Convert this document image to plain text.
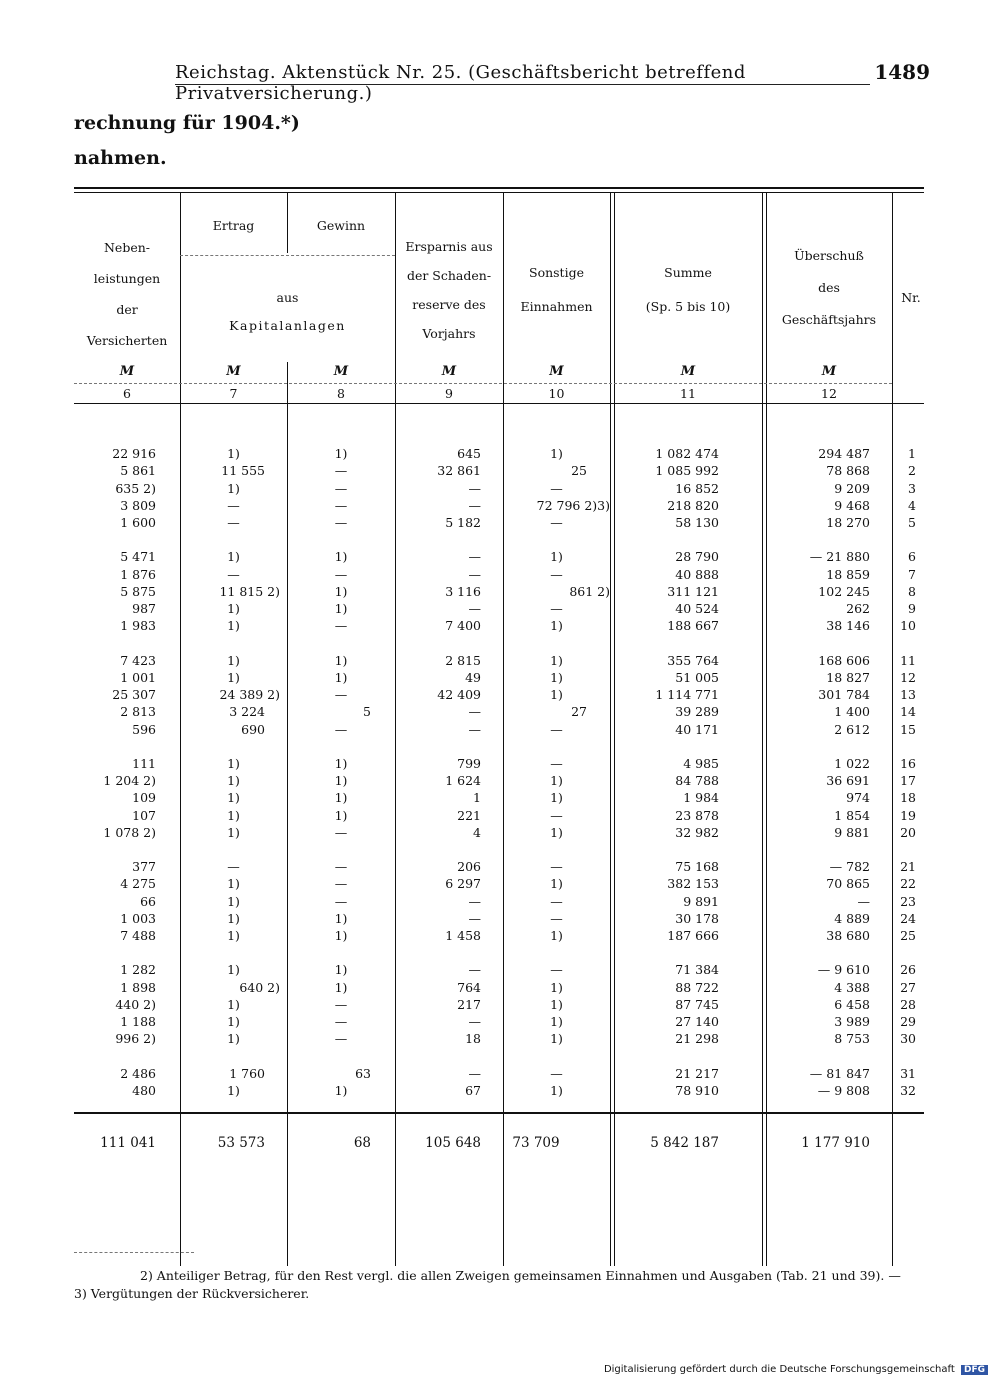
Reichstag. Aktenstück Nr. 25. (Geschäftsbericht betreffend Privatversicherung.)
1489
rechnung für 1904.*)
nahmen.
Neben-
leistungen
der
Versicherten
Ertrag	Gewinn
aus
Kapitalanlagen
Ersparnis aus
der Schaden-
reserve des
Vorjahrs
Sonstige
Einnahmen
Summe
(Sp. 5 bis 10)
Überschuß
des
Geschäftsjahrs
Nr.
M	M	M	M	M	M	M
6	7	8	9	10	11	12
22 916	1)	1)	645	1)	1 082 474	294 487	1
5 861	11 555	—	32 861	25	1 085 992	78 868	2
635 2)	1)	—	—	—	16 852	9 209	3
3 809	—	—	—	72 796 2)3)	218 820	9 468	4
1 600	—	—	5 182	—	58 130	18 270	5
5 471	1)	1)	—	1)	28 790	— 21 880	6
1 876	—	—	—	—	40 888	18 859	7
5 875	11 815 2)	1)	3 116	861 2)	311 121	102 245	8
987	1)	1)	—	—	40 524	262	9
1 983	1)	—	7 400	1)	188 667	38 146	10
7 423	1)	1)	2 815	1)	355 764	168 606	11
1 001	1)	1)	49	1)	51 005	18 827	12
25 307	24 389 2)	—	42 409	1)	1 114 771	301 784	13
2 813	3 224	5	—	27	39 289	1 400	14
596	690	—	—	—	40 171	2 612	15
111	1)	1)	799	—	4 985	1 022	16
1 204 2)	1)	1)	1 624	1)	84 788	36 691	17
109	1)	1)	1	1)	1 984	974	18
107	1)	1)	221	—	23 878	1 854	19
1 078 2)	1)	—	4	1)	32 982	9 881	20
377	—	—	206	—	75 168	— 782	21
4 275	1)	—	6 297	1)	382 153	70 865	22
66	1)	—	—	—	9 891	—	23
1 003	1)	1)	—	—	30 178	4 889	24
7 488	1)	1)	1 458	1)	187 666	38 680	25
1 282	1)	1)	—	—	71 384	— 9 610	26
1 898	640 2)	1)	764	1)	88 722	4 388	27
440 2)	1)	—	217	1)	87 745	6 458	28
1 188	1)	—	—	1)	27 140	3 989	29
996 2)	1)	—	18	1)	21 298	8 753	30
2 486	1 760	63	—	—	21 217	— 81 847	31
480	1)	1)	67	1)	78 910	— 9 808	32
111 041	53 573	68	105 648	73 709	5 842 187	1 177 910
2) Anteiliger Betrag, für den Rest vergl. die allen Zweigen gemeinsamen Einnahmen und Ausgaben (Tab. 21 und 39). —
3) Vergütungen der Rückversicherer.
Digitalisierung gefördert durch die Deutsche Forschungsgemeinschaft DFG
